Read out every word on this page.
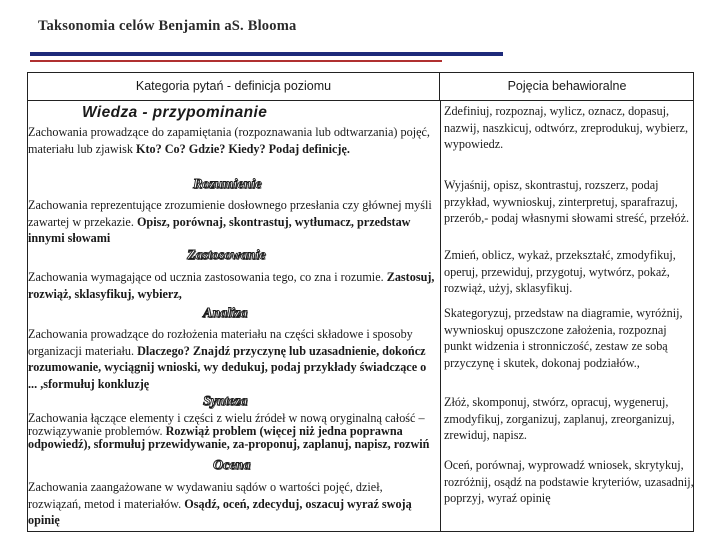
Taksonomia celów Benjamin aS. Blooma
Kategoria pytań - definicja poziomu	Pojęcia behawioralne
Wiedza - przypominanie
Zachowania prowadzące do zapamiętania (rozpoznawania lub odtwarzania) pojęć, materiału lub zjawisk Kto? Co? Gdzie? Kiedy? Podaj definicję.
Zdefiniuj, rozpoznaj, wylicz, oznacz, dopasuj, nazwij, naszkicuj, odtwórz, zreprodukuj, wybierz, wypowiedz.
Rozumienie
Zachowania reprezentujące zrozumienie dosłownego przesłania czy głównej myśli zawartej w przekazie. Opisz, porównaj, skontrastuj, wytłumacz, przedstaw innymi słowami
Wyjaśnij, opisz, skontrastuj, rozszerz, podaj przykład, wywnioskuj, zinterpretuj, sparafrazuj, przerób,- podaj własnymi słowami streść, przełóż.
Zastosowanie
Zachowania wymagające od ucznia zastosowania tego, co zna i rozumie. Zastosuj, rozwiąż, sklasyfikuj, wybierz,
Zmień, oblicz, wykaż, przekształć, zmodyfikuj, operuj, przewiduj, przygotuj, wytwórz, pokaż, rozwiąż, użyj, sklasyfikuj.
Analiza
Zachowania prowadzące do rozłożenia materiału na części składowe i sposoby organizacji materiału. Dlaczego? Znajdź przyczynę lub uzasadnienie, dokończ rozumowanie, wyciągnij wnioski, wy dedukuj, podaj przykłady świadczące o ... ,sformułuj konkluzję
Skategoryzuj, przedstaw na diagramie, wyróżnij, wywnioskuj opuszczone założenia, rozpoznaj punkt widzenia i stronniczość, zestaw ze sobą przyczynę i skutek, dokonaj podziałów.,
Synteza
Zachowania łączące elementy i części z wielu źródeł w nową oryginalną całość – rozwiązywanie problemów. Rozwiąż problem (więcej niż jedna poprawna odpowiedź), sformułuj przewidywanie, za-proponuj, zaplanuj, napisz, rozwiń
Złóż, skomponuj, stwórz, opracuj, wygeneruj, zmodyfikuj, zorganizuj, zaplanuj, zreorganizuj, zrewiduj, napisz.
Ocena
Zachowania zaangażowane w wydawaniu sądów o wartości pojęć, dzieł, rozwiązań, metod i materiałów. Osądź, oceń, zdecyduj, oszacuj wyraź swoją opinię
Oceń, porównaj, wyprowadź wniosek, skrytykuj, rozróżnij, osądź na podstawie kryteriów, uzasadnij, poprzyj, wyraź opinię
